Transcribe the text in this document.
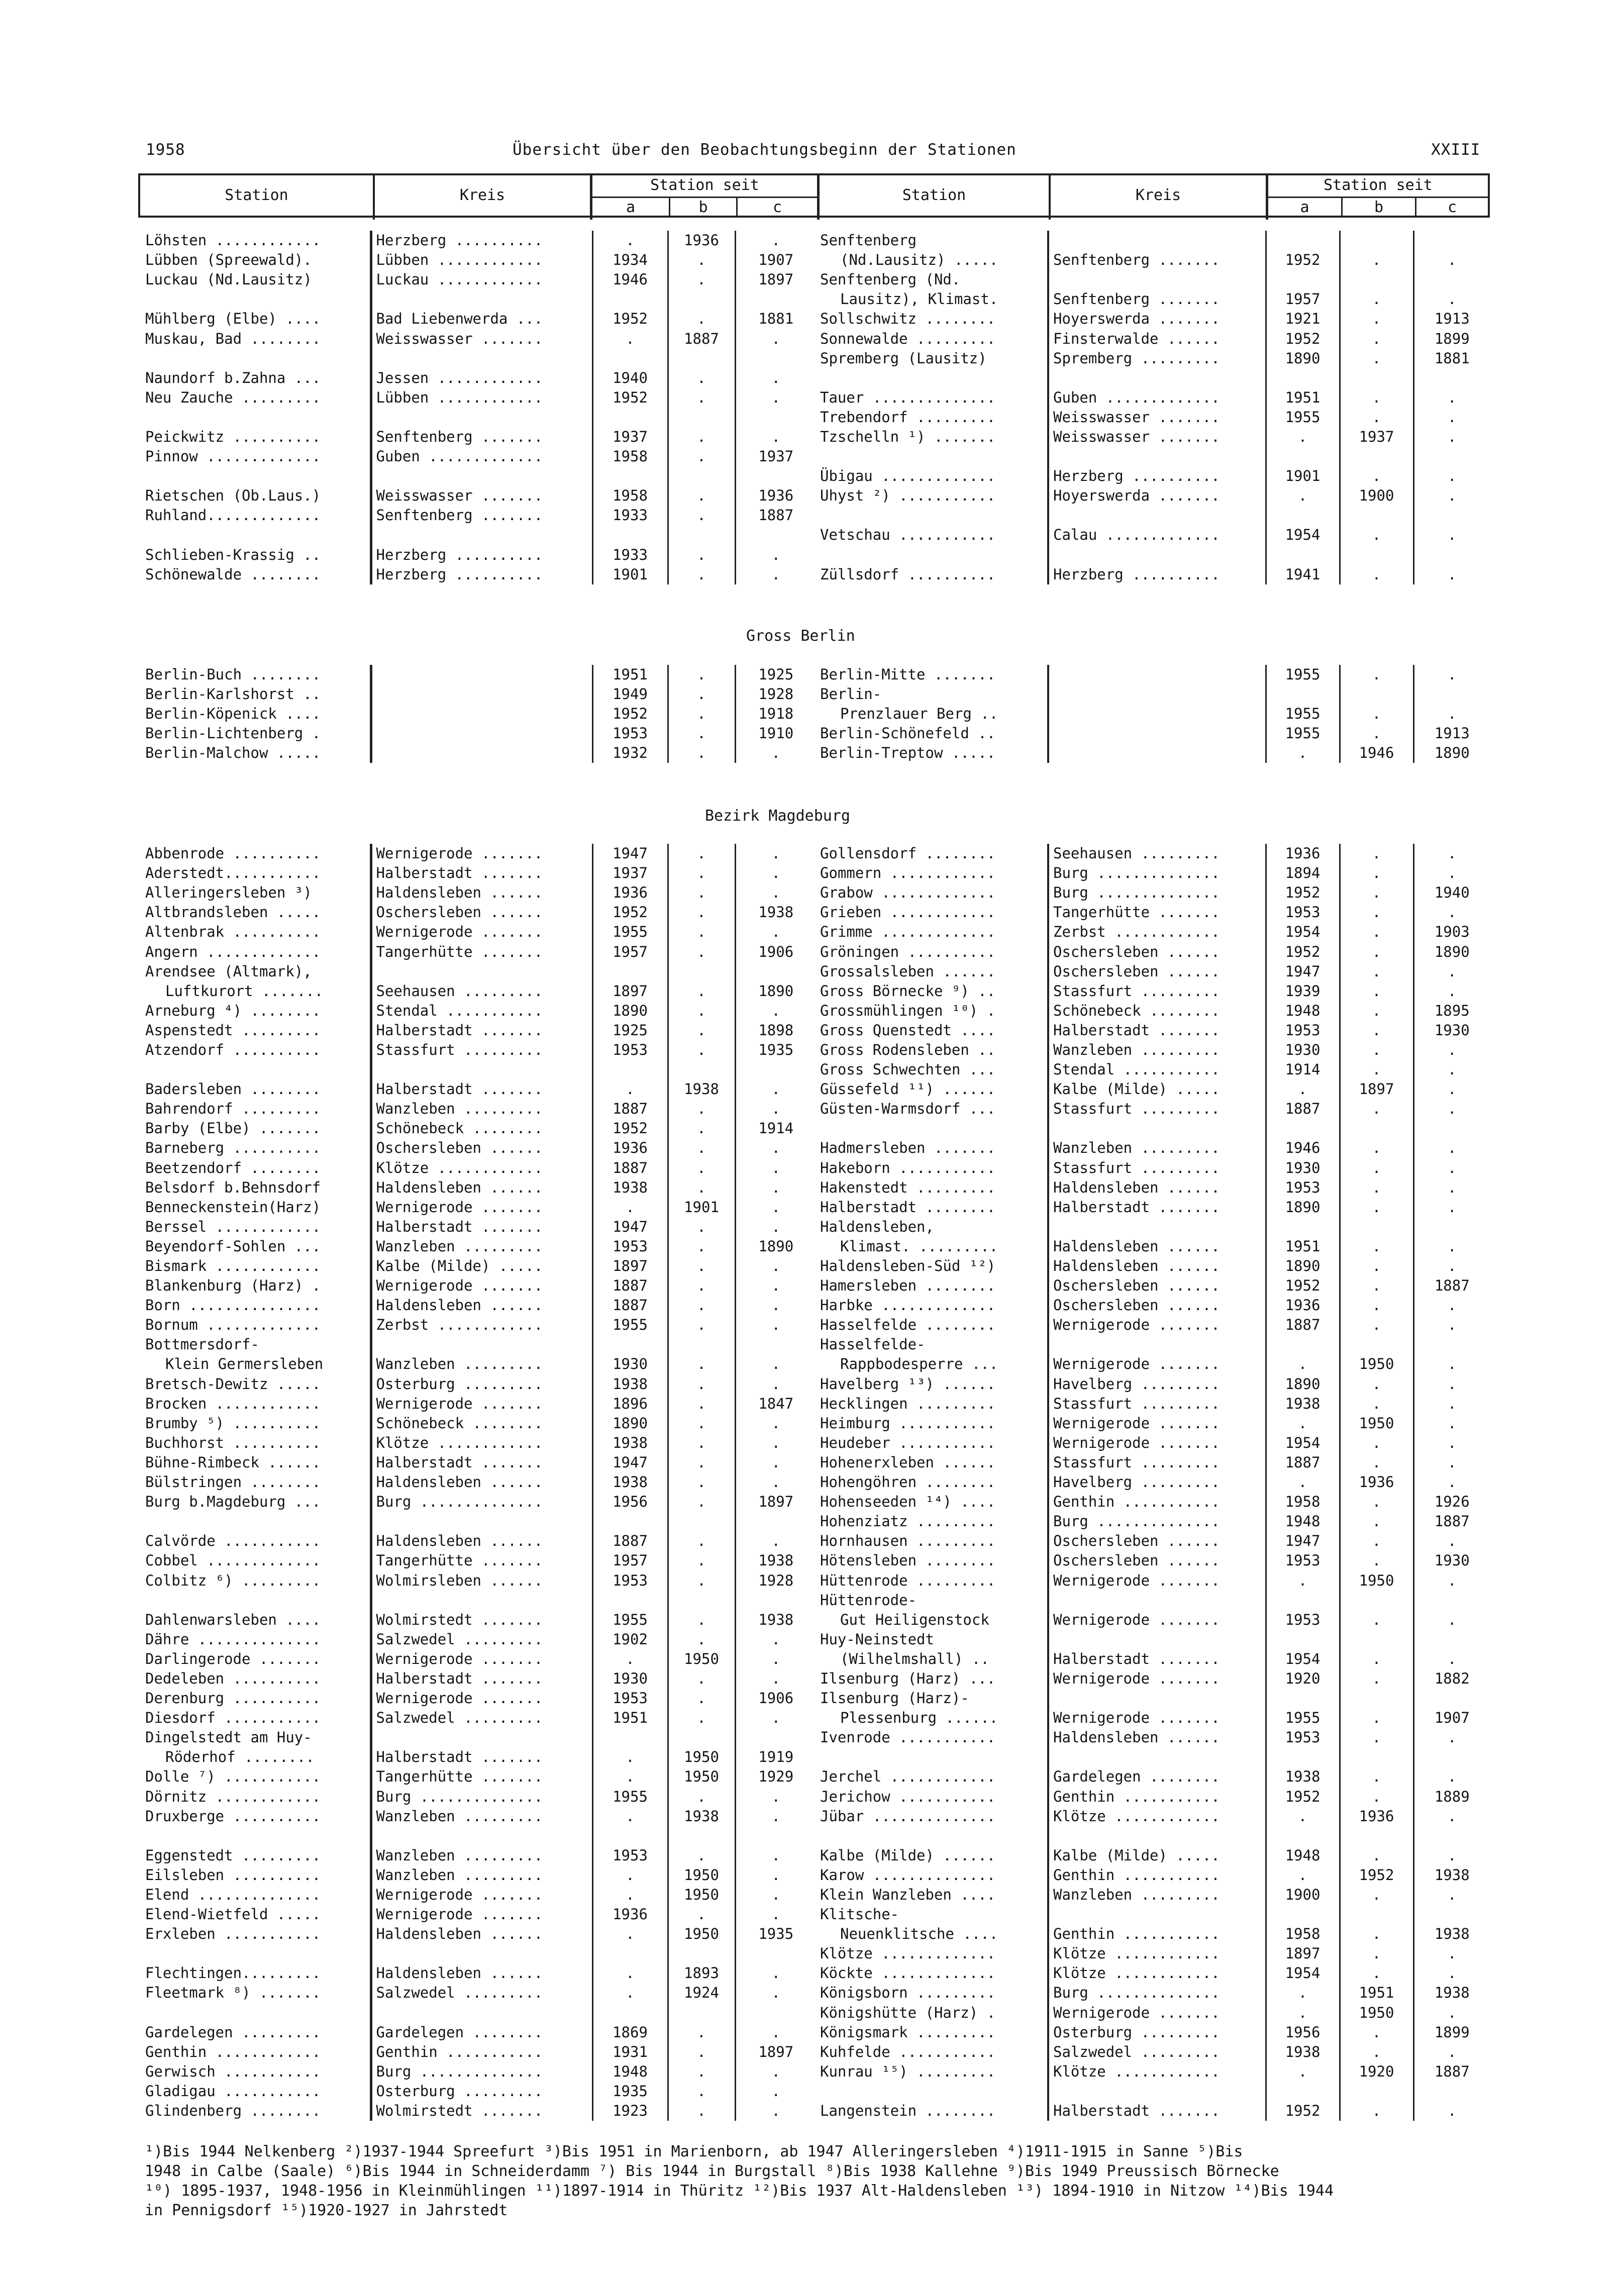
1958	Übersicht über den Beobachtungsbeginn der Stationen	XXIII
Station	Kreis
Station seit
a	b	c
Station	Kreis
Station seit
a	b	c
Löhsten ............	Herzberg ..........	.	1936	.	Senftenberg				
Lübben (Spreewald).	Lübben ............	1934	.	1907	(Nd.Lausitz) .....	Senftenberg .......	1952	.	.
Luckau (Nd.Lausitz)	Luckau ............	1946	.	1897	Senftenberg (Nd.				
					Lausitz), Klimast.	Senftenberg .......	1957	.	.
Mühlberg (Elbe) ....	Bad Liebenwerda ...	1952	.	1881	Sollschwitz ........	Hoyerswerda .......	1921	.	1913
Muskau, Bad ........	Weisswasser .......	.	1887	.	Sonnewalde .........	Finsterwalde ......	1952	.	1899
					Spremberg (Lausitz)	Spremberg .........	1890	.	1881
Naundorf b.Zahna ...	Jessen ............	1940	.	.					
Neu Zauche .........	Lübben ............	1952	.	.	Tauer ..............	Guben .............	1951	.	.
					Trebendorf .........	Weisswasser .......	1955	.	.
Peickwitz ..........	Senftenberg .......	1937	.	.	Tzschelln ¹) .......	Weisswasser .......	.	1937	.
Pinnow .............	Guben .............	1958	.	1937					
					Übigau .............	Herzberg ..........	1901	.	.
Rietschen (Ob.Laus.)	Weisswasser .......	1958	.	1936	Uhyst ²) ...........	Hoyerswerda .......	.	1900	.
Ruhland.............	Senftenberg .......	1933	.	1887					
					Vetschau ...........	Calau .............	1954	.	.
Schlieben-Krassig ..	Herzberg ..........	1933	.	.					
Schönewalde ........	Herzberg ..........	1901	.	.	Züllsdorf ..........	Herzberg ..........	1941	.	.
Gross Berlin
Berlin-Buch ........		1951	.	1925	Berlin-Mitte .......		1955	.	.
Berlin-Karlshorst ..		1949	.	1928	Berlin-				
Berlin-Köpenick ....		1952	.	1918	Prenzlauer Berg ..		1955	.	.
Berlin-Lichtenberg .		1953	.	1910	Berlin-Schönefeld ..		1955	.	1913
Berlin-Malchow .....		1932	.	.	Berlin-Treptow .....		.	1946	1890
Bezirk Magdeburg
Abbenrode ..........	Wernigerode .......	1947	.	.	Gollensdorf ........	Seehausen .........	1936	.	.
Aderstedt...........	Halberstadt .......	1937	.	.	Gommern ............	Burg ..............	1894	.	.
Alleringersleben ³)	Haldensleben ......	1936	.	.	Grabow .............	Burg ..............	1952	.	1940
Altbrandsleben .....	Oschersleben ......	1952	.	1938	Grieben ............	Tangerhütte .......	1953	.	.
Altenbrak ..........	Wernigerode .......	1955	.	.	Grimme .............	Zerbst ............	1954	.	1903
Angern .............	Tangerhütte .......	1957	.	1906	Gröningen ..........	Oschersleben ......	1952	.	1890
Arendsee (Altmark),					Grossalsleben ......	Oschersleben ......	1947	.	.
Luftkurort .......	Seehausen .........	1897	.	1890	Gross Börnecke ⁹) ..	Stassfurt .........	1939	.	.
Arneburg ⁴) ........	Stendal ...........	1890	.	.	Grossmühlingen ¹⁰) .	Schönebeck ........	1948	.	1895
Aspenstedt .........	Halberstadt .......	1925	.	1898	Gross Quenstedt ....	Halberstadt .......	1953	.	1930
Atzendorf ..........	Stassfurt .........	1953	.	1935	Gross Rodensleben ..	Wanzleben .........	1930	.	.
					Gross Schwechten ...	Stendal ...........	1914	.	.
Badersleben ........	Halberstadt .......	.	1938	.	Güssefeld ¹¹) ......	Kalbe (Milde) .....	.	1897	.
Bahrendorf .........	Wanzleben .........	1887	.	.	Güsten-Warmsdorf ...	Stassfurt .........	1887	.	.
Barby (Elbe) .......	Schönebeck ........	1952	.	1914					
Barneberg ..........	Oschersleben ......	1936	.	.	Hadmersleben .......	Wanzleben .........	1946	.	.
Beetzendorf ........	Klötze ............	1887	.	.	Hakeborn ...........	Stassfurt .........	1930	.	.
Belsdorf b.Behnsdorf	Haldensleben ......	1938	.	.	Hakenstedt .........	Haldensleben ......	1953	.	.
Benneckenstein(Harz)	Wernigerode .......	.	1901	.	Halberstadt ........	Halberstadt .......	1890	.	.
Berssel ............	Halberstadt .......	1947	.	.	Haldensleben,				
Beyendorf-Sohlen ...	Wanzleben .........	1953	.	1890	Klimast. .........	Haldensleben ......	1951	.	.
Bismark ............	Kalbe (Milde) .....	1897	.	.	Haldensleben-Süd ¹²)	Haldensleben ......	1890	.	.
Blankenburg (Harz) .	Wernigerode .......	1887	.	.	Hamersleben ........	Oschersleben ......	1952	.	1887
Born ...............	Haldensleben ......	1887	.	.	Harbke .............	Oschersleben ......	1936	.	.
Bornum .............	Zerbst ............	1955	.	.	Hasselfelde ........	Wernigerode .......	1887	.	.
Bottmersdorf-					Hasselfelde-				
Klein Germersleben	Wanzleben .........	1930	.	.	Rappbodesperre ...	Wernigerode .......	.	1950	.
Bretsch-Dewitz .....	Osterburg .........	1938	.	.	Havelberg ¹³) ......	Havelberg .........	1890	.	.
Brocken ............	Wernigerode .......	1896	.	1847	Hecklingen .........	Stassfurt .........	1938	.	.
Brumby ⁵) ..........	Schönebeck ........	1890	.	.	Heimburg ...........	Wernigerode .......	.	1950	.
Buchhorst ..........	Klötze ............	1938	.	.	Heudeber ...........	Wernigerode .......	1954	.	.
Bühne-Rimbeck ......	Halberstadt .......	1947	.	.	Hohenerxleben ......	Stassfurt .........	1887	.	.
Bülstringen ........	Haldensleben ......	1938	.	.	Hohengöhren ........	Havelberg .........	.	1936	.
Burg b.Magdeburg ...	Burg ..............	1956	.	1897	Hohenseeden ¹⁴) ....	Genthin ...........	1958	.	1926
					Hohenziatz .........	Burg ..............	1948	.	1887
Calvörde ...........	Haldensleben ......	1887	.	.	Hornhausen .........	Oschersleben ......	1947	.	.
Cobbel .............	Tangerhütte .......	1957	.	1938	Hötensleben ........	Oschersleben ......	1953	.	1930
Colbitz ⁶) .........	Wolmirsleben ......	1953	.	1928	Hüttenrode .........	Wernigerode .......	.	1950	.
					Hüttenrode-				
Dahlenwarsleben ....	Wolmirstedt .......	1955	.	1938	Gut Heiligenstock	Wernigerode .......	1953	.	.
Dähre ..............	Salzwedel .........	1902	.	.	Huy-Neinstedt				
Darlingerode .......	Wernigerode .......	.	1950	.	(Wilhelmshall) ..	Halberstadt .......	1954	.	.
Dedeleben ..........	Halberstadt .......	1930	.	.	Ilsenburg (Harz) ...	Wernigerode .......	1920	.	1882
Derenburg ..........	Wernigerode .......	1953	.	1906	Ilsenburg (Harz)-				
Diesdorf ...........	Salzwedel .........	1951	.	.	Plessenburg ......	Wernigerode .......	1955	.	1907
Dingelstedt am Huy-					Ivenrode ...........	Haldensleben ......	1953	.	.
Röderhof ........	Halberstadt .......	.	1950	1919					
Dolle ⁷) ...........	Tangerhütte .......	.	1950	1929	Jerchel ............	Gardelegen ........	1938	.	.
Dörnitz ............	Burg ..............	1955	.	.	Jerichow ...........	Genthin ...........	1952	.	1889
Druxberge ..........	Wanzleben .........	.	1938	.	Jübar ..............	Klötze ............	.	1936	.

Eggenstedt .........	Wanzleben .........	1953	.	.	Kalbe (Milde) ......	Kalbe (Milde) .....	1948	.	.
Eilsleben ..........	Wanzleben .........	.	1950	.	Karow ..............	Genthin ...........	.	1952	1938
Elend ..............	Wernigerode .......	.	1950	.	Klein Wanzleben ....	Wanzleben .........	1900	.	.
Elend-Wietfeld .....	Wernigerode .......	1936	.	.	Klitsche-				
Erxleben ...........	Haldensleben ......	.	1950	1935	Neuenklitsche ....	Genthin ...........	1958	.	1938
					Klötze .............	Klötze ............	1897	.	.
Flechtingen.........	Haldensleben ......	.	1893	.	Köckte .............	Klötze ............	1954	.	.
Fleetmark ⁸) .......	Salzwedel .........	.	1924	.	Königsborn .........	Burg ..............	.	1951	1938
					Königshütte (Harz) .	Wernigerode .......	.	1950	.
Gardelegen .........	Gardelegen ........	1869	.	.	Königsmark .........	Osterburg .........	1956	.	1899
Genthin ............	Genthin ...........	1931	.	1897	Kuhfelde ...........	Salzwedel .........	1938	.	.
Gerwisch ...........	Burg ..............	1948	.	.	Kunrau ¹⁵) .........	Klötze ............	.	1920	1887
Gladigau ...........	Osterburg .........	1935	.	.					
Glindenberg ........	Wolmirstedt .......	1923	.	.	Langenstein ........	Halberstadt .......	1952	.	.
¹)Bis 1944 Nelkenberg ²)1937-1944 Spreefurt ³)Bis 1951 in Marienborn, ab 1947 Alleringersleben ⁴)1911-1915 in Sanne ⁵)Bis
1948 in Calbe (Saale) ⁶)Bis 1944 in Schneiderdamm ⁷) Bis 1944 in Burgstall ⁸)Bis 1938 Kallehne ⁹)Bis 1949 Preussisch Börnecke
¹⁰) 1895-1937, 1948-1956 in Kleinmühlingen ¹¹)1897-1914 in Thüritz ¹²)Bis 1937 Alt-Haldensleben ¹³) 1894-1910 in Nitzow ¹⁴)Bis 1944
in Pennigsdorf ¹⁵)1920-1927 in Jahrstedt
